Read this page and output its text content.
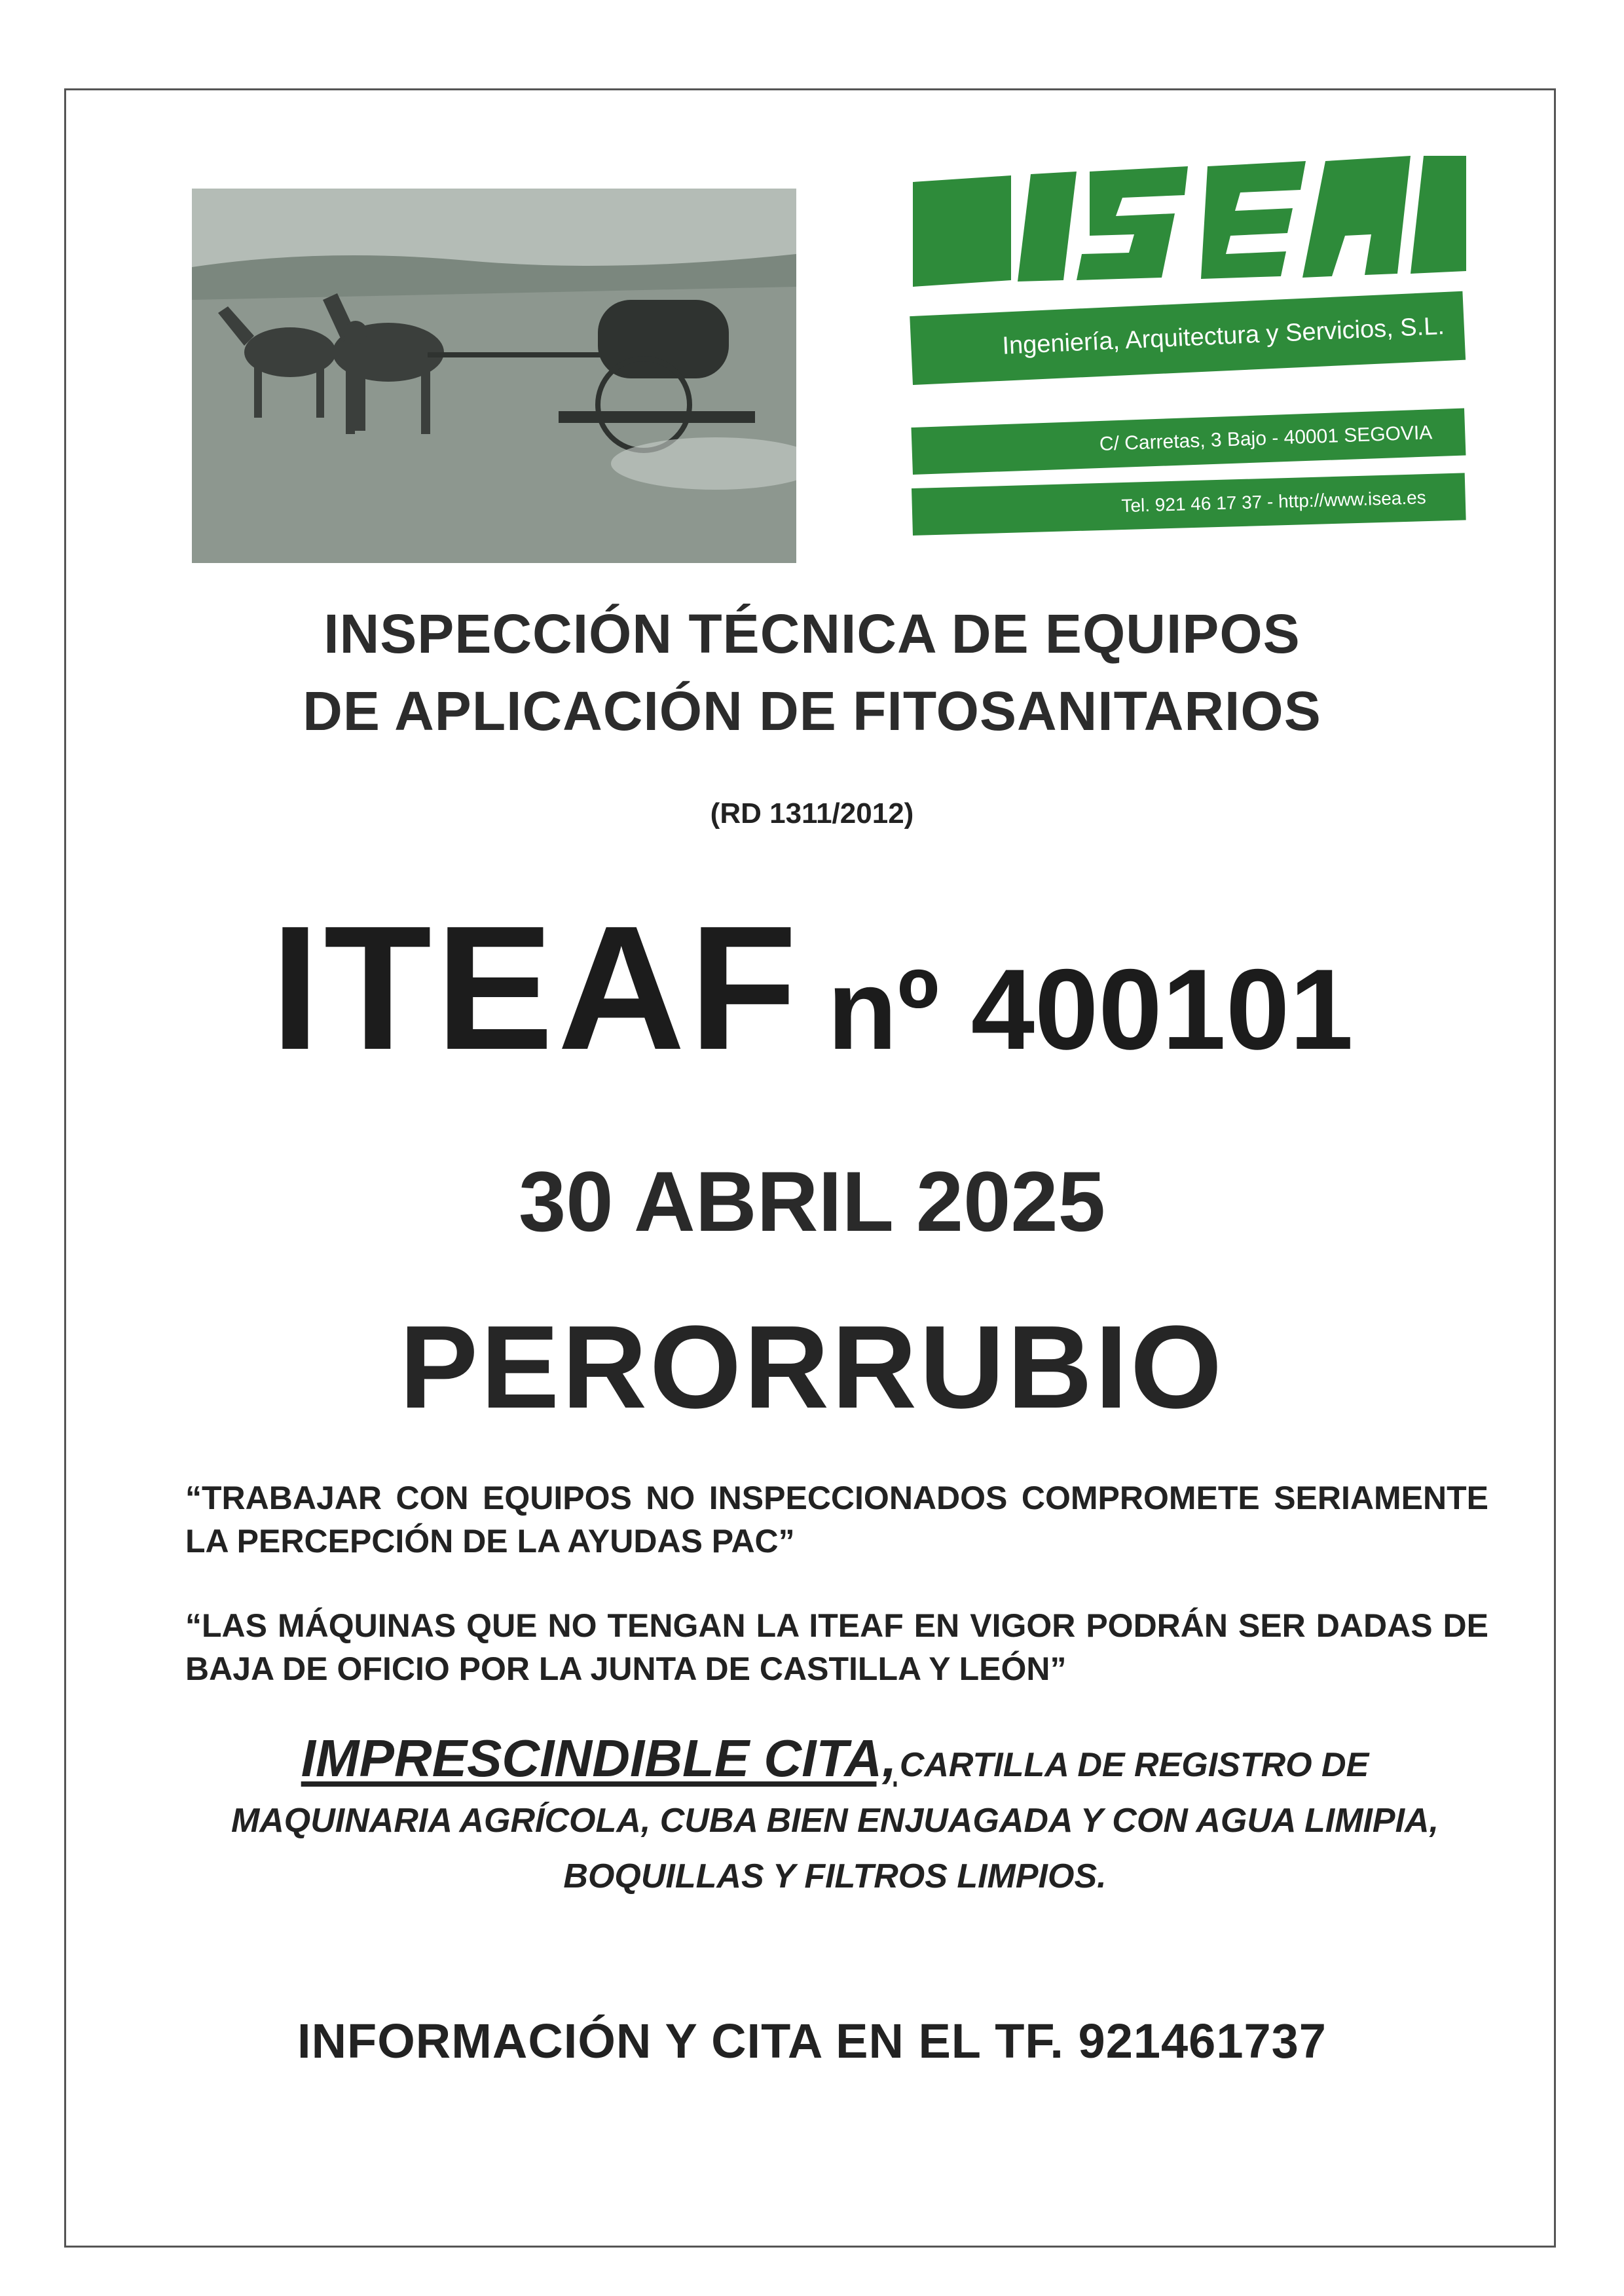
Ingeniería, Arquitectura y Servicios, S.L.
C/ Carretas, 3 Bajo - 40001 SEGOVIA
Tel. 921 46 17 37 - http://www.isea.es
INSPECCIÓN TÉCNICA DE EQUIPOS
DE APLICACIÓN DE FITOSANITARIOS
(RD 1311/2012)
ITEAF nº 400101
30 ABRIL 2025
PERORRUBIO
“TRABAJAR CON EQUIPOS NO INSPECCIONADOS COMPROMETE SERIAMENTE LA PERCEPCIÓN DE LA AYUDAS PAC”
“LAS MÁQUINAS QUE NO TENGAN LA ITEAF EN VIGOR PODRÁN SER DADAS DE BAJA DE OFICIO POR LA JUNTA DE CASTILLA Y LEÓN”
IMPRESCINDIBLE CITA, CARTILLA DE REGISTRO DE MAQUINARIA AGRÍCOLA, CUBA BIEN ENJUAGADA Y CON AGUA LIMIPIA, BOQUILLAS Y FILTROS LIMPIOS.
INFORMACIÓN Y CITA EN EL TF. 921461737
